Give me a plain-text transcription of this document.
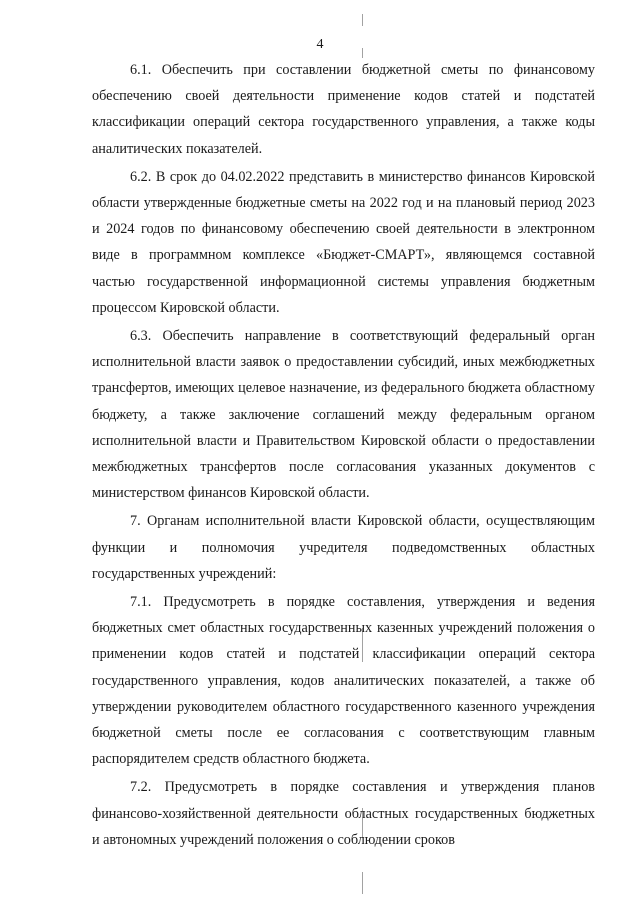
4

6.1. Обеспечить при составлении бюджетной сметы по финансовому обеспечению своей деятельности применение кодов статей и подстатей классификации операций сектора государственного управления, а также коды аналитических показателей.

6.2. В срок до 04.02.2022 представить в министерство финансов Кировской области утвержденные бюджетные сметы на 2022 год и на плановый период 2023 и 2024 годов по финансовому обеспечению своей деятельности в электронном виде в программном комплексе «Бюджет-СМАРТ», являющемся составной частью государственной информационной системы управления бюджетным процессом Кировской области.

6.3. Обеспечить направление в соответствующий федеральный орган исполнительной власти заявок о предоставлении субсидий, иных межбюджетных трансфертов, имеющих целевое назначение, из федерального бюджета областному бюджету, а также заключение соглашений между федеральным органом исполнительной власти и Правительством Кировской области о предоставлении межбюджетных трансфертов после согласования указанных документов с министерством финансов Кировской области.

7. Органам исполнительной власти Кировской области, осуществляющим функции и полномочия учредителя подведомственных областных государственных учреждений:

7.1. Предусмотреть в порядке составления, утверждения и ведения бюджетных смет областных государственных казенных учреждений положения о применении кодов статей и подстатей классификации операций сектора государственного управления, кодов аналитических показателей, а также об утверждении руководителем областного государственного казенного учреждения бюджетной сметы после ее согласования с соответствующим главным распорядителем средств областного бюджета.

7.2. Предусмотреть в порядке составления и утверждения планов финансово-хозяйственной деятельности областных государственных бюджетных и автономных учреждений положения о соблюдении сроков
